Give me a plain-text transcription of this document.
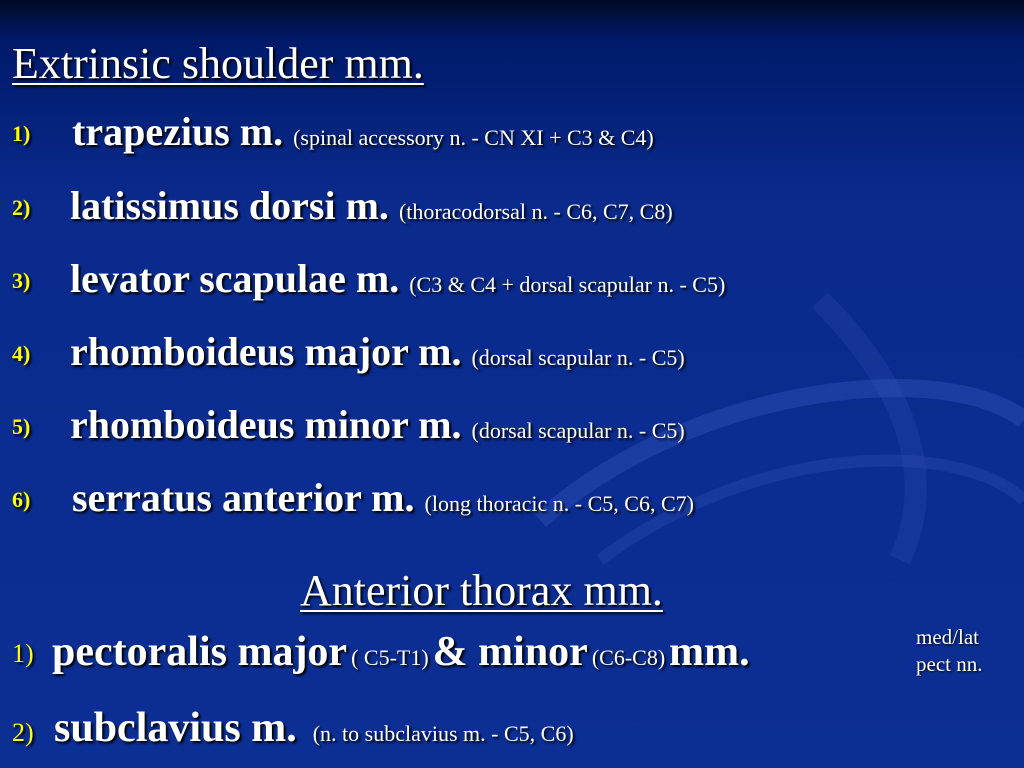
Extrinsic shoulder mm.
1) trapezius m. (spinal accessory n. - CN XI + C3 & C4)
2) latissimus dorsi m. (thoracodorsal n. - C6, C7, C8)
3) levator scapulae m. (C3 & C4 + dorsal scapular n. - C5)
4) rhomboideus major m. (dorsal scapular n. - C5)
5) rhomboideus minor m. (dorsal scapular n. - C5)
6) serratus anterior m. (long thoracic n. - C5, C6, C7)
Anterior thorax mm.
1) pectoralis major ( C5-T1) & minor (C6-C8) mm.	med/lat
pect nn.
2) subclavius m. (n. to subclavius m. - C5, C6)
